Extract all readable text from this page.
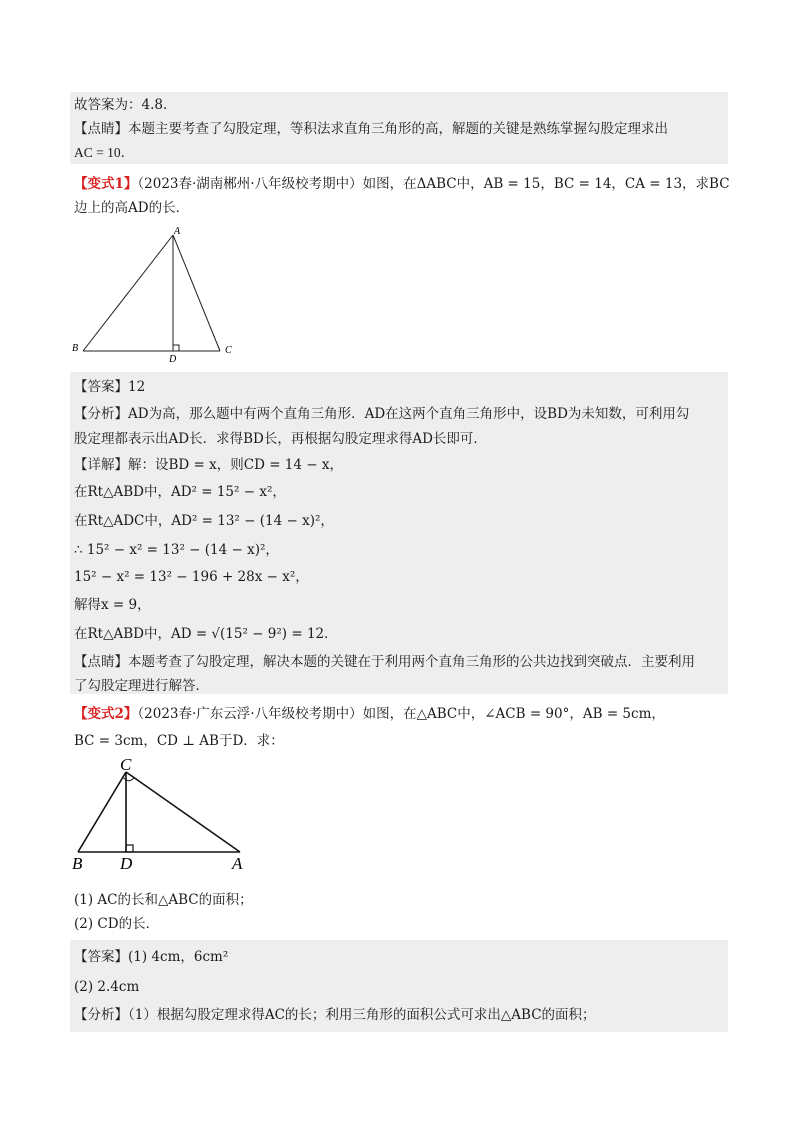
故答案为：4.8．
【点睛】本题主要考查了勾股定理，等积法求直角三角形的高，解题的关键是熟练掌握勾股定理求出
AC = 10．
【变式1】（2023春·湖南郴州·八年级校考期中）如图，在ΔABC中，AB = 15，BC = 14，CA = 13，求BC
边上的高AD的长．
A
B	C
D
【答案】12
【分析】AD为高，那么题中有两个直角三角形．AD在这两个直角三角形中，设BD为未知数，可利用勾
股定理都表示出AD长．求得BD长，再根据勾股定理求得AD长即可．
【详解】解：设BD = x，则CD = 14 − x，
在Rt△ABD中，AD² = 15² − x²，
在Rt△ADC中，AD² = 13² − (14 − x)²，
∴ 15² − x² = 13² − (14 − x)²，
15² − x² = 13² − 196 + 28x − x²，
解得x = 9，
在Rt△ABD中，AD = √(15² − 9²) = 12．
【点睛】本题考查了勾股定理，解决本题的关键在于利用两个直角三角形的公共边找到突破点．主要利用
了勾股定理进行解答．
【变式2】（2023春·广东云浮·八年级校考期中）如图，在△ABC中，∠ACB = 90°，AB = 5cm，
BC = 3cm，CD ⊥ AB于D．求：
C
B D	A
(1) AC的长和△ABC的面积；
(2) CD的长．
【答案】(1) 4cm，6cm²
(2) 2.4cm
【分析】（1）根据勾股定理求得AC的长；利用三角形的面积公式可求出△ABC的面积；
